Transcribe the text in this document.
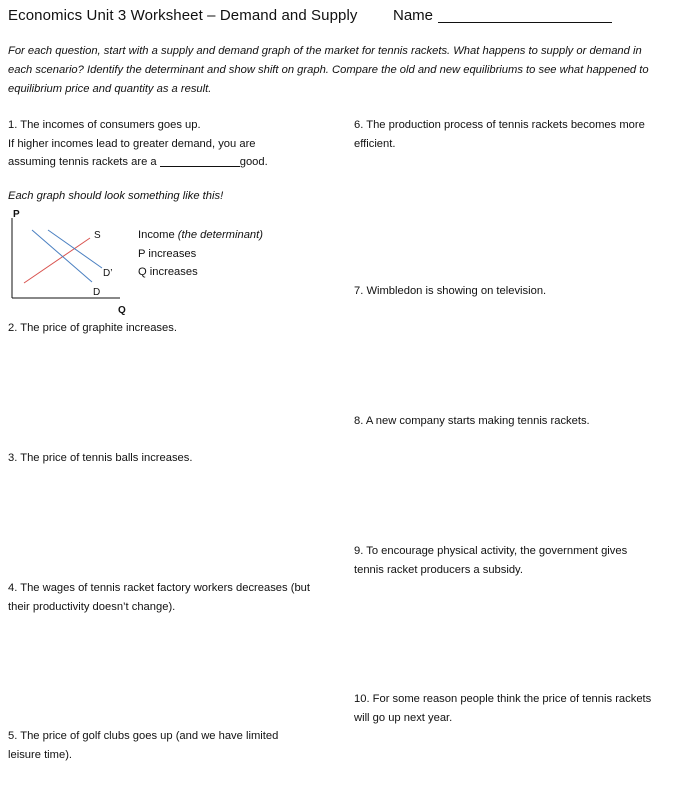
Economics Unit 3 Worksheet – Demand and Supply Name
For each question, start with a supply and demand graph of the market for tennis rackets. What happens to supply or demand in each scenario? Identify the determinant and show shift on graph. Compare the old and new equilibriums to see what happened to equilibrium price and quantity as a result.
1. The incomes of consumers goes up.
If higher incomes lead to greater demand, you are
assuming tennis rackets are a	good.
Each graph should look something like this!
P
Q
S
D
D’
Income (the determinant)
P increases
Q increases
2. The price of graphite increases.
3. The price of tennis balls increases.
4. The wages of tennis racket factory workers decreases (but their productivity doesn’t change).
5. The price of golf clubs goes up (and we have limited leisure time).
6. The production process of tennis rackets becomes more efficient.
7. Wimbledon is showing on television.
8. A new company starts making tennis rackets.
9. To encourage physical activity, the government gives tennis racket producers a subsidy.
10. For some reason people think the price of tennis rackets will go up next year.
